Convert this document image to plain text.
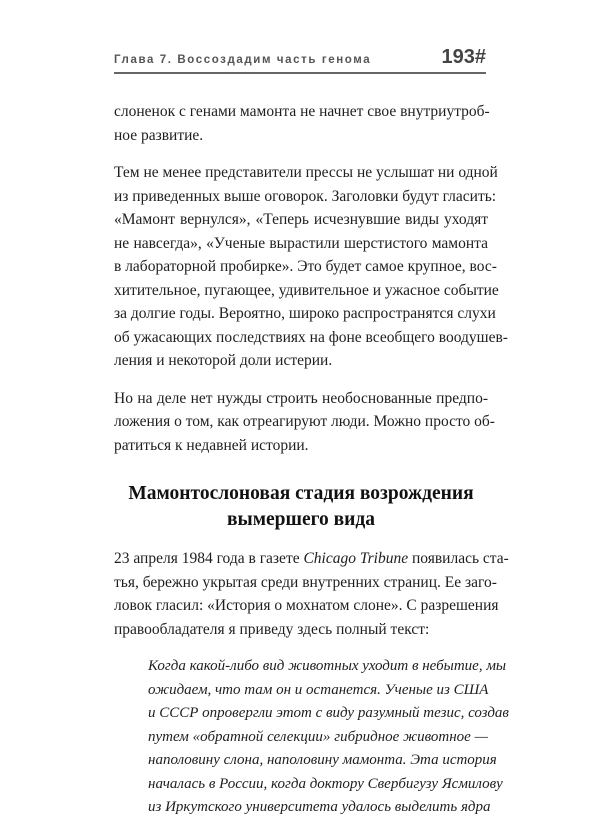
Глава 7. Воссоздадим часть генома	193#

слоненок с генами мамонта не начнет свое внутриутроб-
ное развитие.

Тем не менее представители прессы не услышат ни одной
из приведенных выше оговорок. Заголовки будут гласить:
«Мамонт вернулся», «Теперь исчезнувшие виды уходят
не навсегда», «Ученые вырастили шерстистого мамонта
в лабораторной пробирке». Это будет самое крупное, вос-
хитительное, пугающее, удивительное и ужасное событие
за долгие годы. Вероятно, широко распространятся слухи
об ужасающих последствиях на фоне всеобщего воодушев-
ления и некоторой доли истерии.

Но на деле нет нужды строить необоснованные предпо-
ложения о том, как отреагируют люди. Можно просто об-
ратиться к недавней истории.

Мамонтослоновая стадия возрождения
вымершего вида

23 апреля 1984 года в газете Chicago Tribune появилась ста-
тья, бережно укрытая среди внутренних страниц. Ее заго-
ловок гласил: «История о мохнатом слоне». С разрешения
правообладателя я приведу здесь полный текст:

Когда какой-либо вид животных уходит в небытие, мы
ожидаем, что там он и останется. Ученые из США
и СССР опровергли этот с виду разумный тезис, создав
путем «обратной селекции» гибридное животное —
наполовину слона, наполовину мамонта. Эта история
началась в России, когда доктору Свербигузу Ясмилову
из Иркутского университета удалось выделить ядра
